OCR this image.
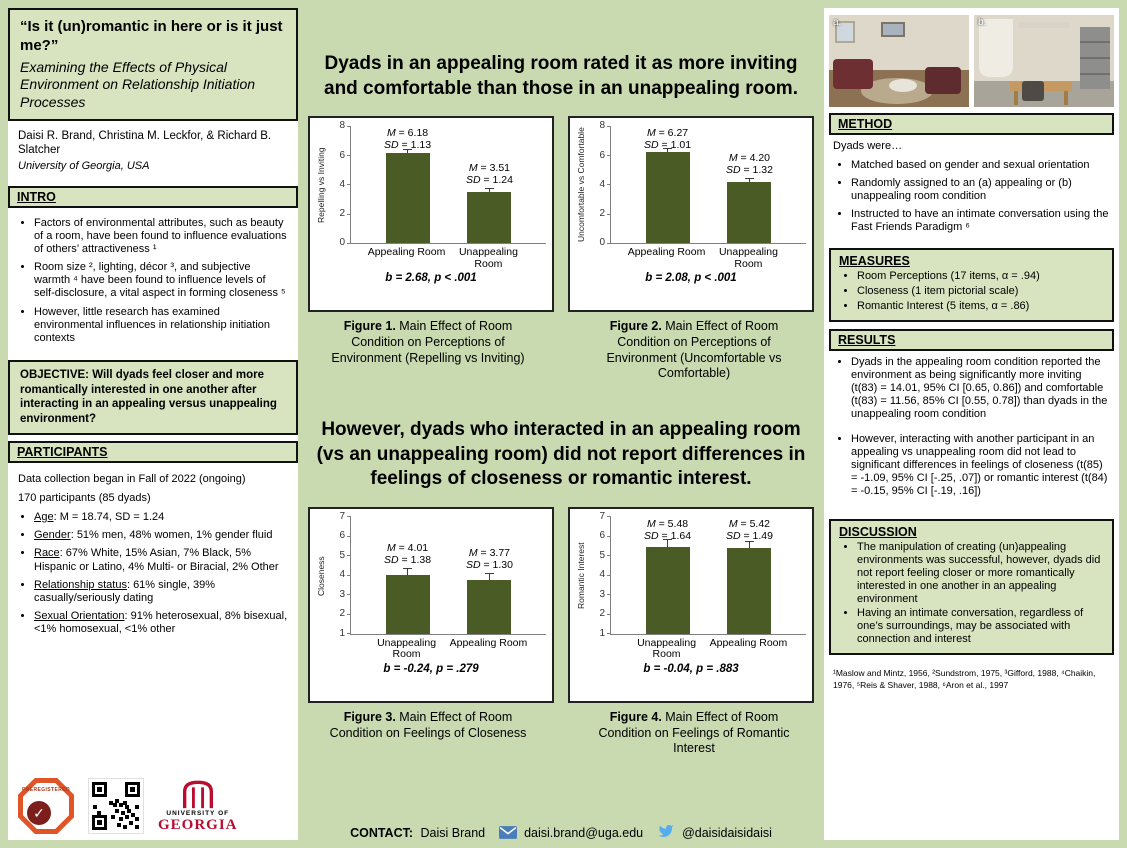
“Is it (un)romantic in here or is it just me?”
Examining the Effects of Physical Environment on Relationship Initiation Processes
Daisi R. Brand, Christina M. Leckfor, & Richard B. Slatcher
University of Georgia, USA
INTRO
• Factors of environmental attributes, such as beauty of a room, have been found to influence evaluations of others’ attractiveness ¹
• Room size ², lighting, décor ³, and subjective warmth ⁴ have been found to influence levels of self-disclosure, a vital aspect in forming closeness ⁵
• However, little research has examined environmental influences in relationship initiation contexts
OBJECTIVE: Will dyads feel closer and more romantically interested in one another after interacting in an appealing versus unappealing environment?
PARTICIPANTS

Data collection began in Fall of 2022 (ongoing)

170 participants (85 dyads)

• Age: M = 18.74, SD = 1.24
• Gender: 51% men, 48% women, 1% gender fluid
• Race: 67% White, 15% Asian, 7% Black, 5% Hispanic or Latino, 4% Multi- or Biracial, 2% Other
• Relationship status: 61% single, 39% casually/seriously dating
• Sexual Orientation: 91% heterosexual, 8% bisexual, <1% homosexual, <1% other
PREREGISTERED
✓	UNIVERSITY OF
GEORGIA
Dyads in an appealing room rated it as more inviting and comfortable than those in an unappealing room.
Repelling vs Inviting
0
2
4
6
8
M = 6.18
SD = 1.13
M = 3.51
SD = 1.24
Appealing Room	Unappealing Room
b = 2.68, p < .001
Uncomfortable vs Comfortable
0
2
4
6
8
M = 6.27
SD = 1.01
M = 4.20
SD = 1.32
Appealing Room	Unappealing Room
b = 2.08, p < .001
Figure 1. Main Effect of Room Condition on Perceptions of Environment (Repelling vs Inviting)
Figure 2. Main Effect of Room Condition on Perceptions of Environment (Uncomfortable vs Comfortable)
However, dyads who interacted in an appealing room (vs an unappealing room) did not report differences in feelings of closeness or romantic interest.
Closeness
1
2
3
4
5
6
7
M = 4.01
SD = 1.38
M = 3.77
SD = 1.30
Unappealing Room
Appealing Room
b = -0.24, p = .279
Romantic Interest
1
2
3
4
5
6
7
M = 5.48
SD = 1.64
M = 5.42
SD = 1.49
Unappealing Room
Appealing Room
b = -0.04, p = .883
Figure 3. Main Effect of Room Condition on Feelings of Closeness
Figure 4. Main Effect of Room Condition on Feelings of Romantic Interest
CONTACT: Daisi Brand	daisi.brand@uga.edu	@daisidaisidaisi
a.	b.
METHOD

Dyads were…

• Matched based on gender and sexual orientation
• Randomly assigned to an (a) appealing or (b) unappealing room condition
• Instructed to have an intimate conversation using the Fast Friends Paradigm ⁶
MEASURES
• Room Perceptions (17 items, α = .94)
• Closeness (1 item pictorial scale)
• Romantic Interest (5 items, α = .86)
RESULTS
• Dyads in the appealing room condition reported the environment as being significantly more inviting (t(83) = 14.01, 95% CI [0.65, 0.86]) and comfortable (t(83) = 11.56, 85% CI [0.55, 0.78]) than dyads in the unappealing room condition
• However, interacting with another participant in an appealing vs unappealing room did not lead to significant differences in feelings of closeness (t(85) = -1.09, 95% CI [-.25, .07]) or romantic interest (t(84) = -0.15, 95% CI [-.19, .16])
DISCUSSION
• The manipulation of creating (un)appealing environments was successful, however, dyads did not report feeling closer or more romantically interested in one another in an appealing environment
• Having an intimate conversation, regardless of one’s surroundings, may be associated with connection and interest
¹Maslow and Mintz, 1956, ²Sundstrom, 1975, ³Gifford, 1988, ⁴Chaikin, 1976, ⁵Reis & Shaver, 1988, ⁶Aron et al., 1997
